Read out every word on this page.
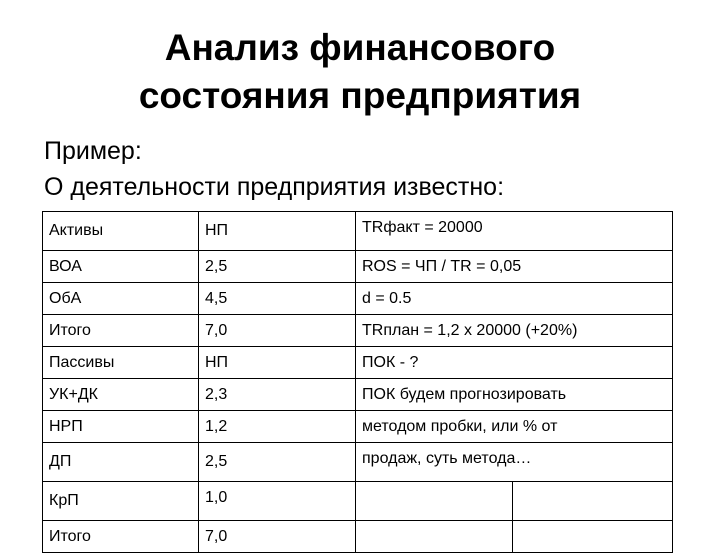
Анализ финансового
состояния предприятия
Пример:
О деятельности предприятия известно:
Активы	НП	TRфакт = 20000	
ВОА	2,5	ROS = ЧП / TR = 0,05	
ОбА	4,5	d = 0.5	
Итого	7,0	TRплан = 1,2 х 20000 (+20%)	
Пассивы	НП	ПОК - ?	
УК+ДК	2,3	ПОК будем прогнозировать	
НРП	1,2	методом пробки, или % от	
ДП	2,5	продаж, суть метода…	
КрП	1,0		
Итого	7,0		
